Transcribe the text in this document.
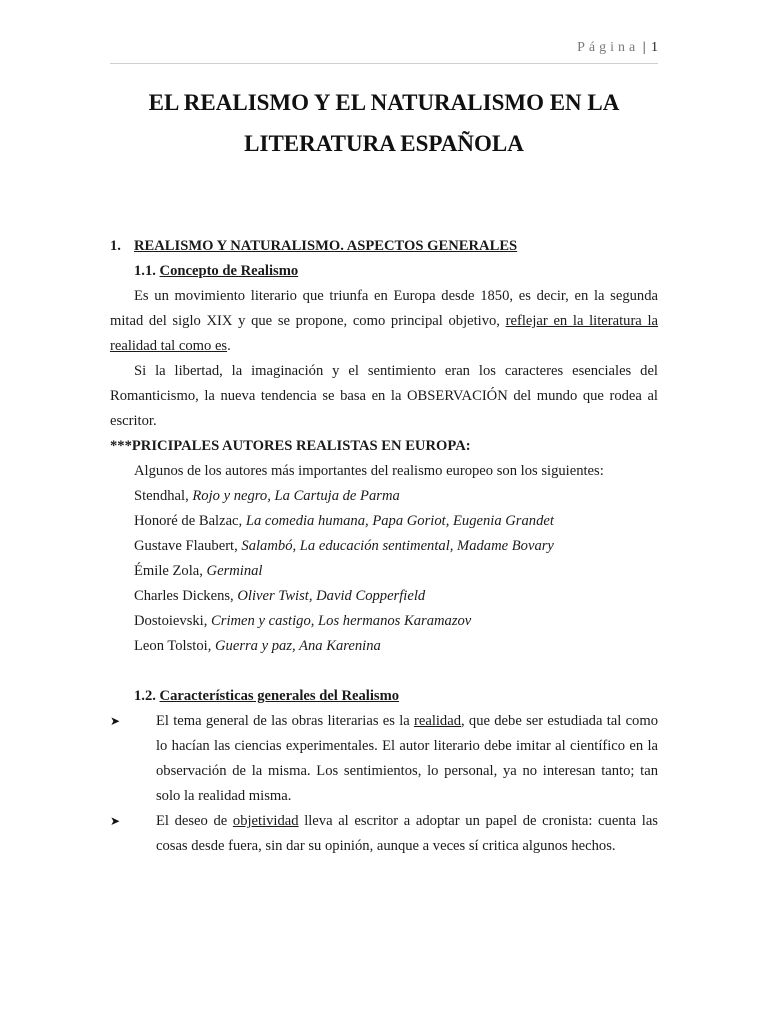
Página | 1
EL REALISMO Y EL NATURALISMO EN LA
LITERATURA ESPAÑOLA
1. REALISMO Y NATURALISMO. ASPECTOS GENERALES
1.1. Concepto de Realismo

Es un movimiento literario que triunfa en Europa desde 1850, es decir, en la segunda mitad del siglo XIX y que se propone, como principal objetivo, reflejar en la literatura la realidad tal como es.

Si la libertad, la imaginación y el sentimiento eran los caracteres esenciales del Romanticismo, la nueva tendencia se basa en la OBSERVACIÓN del mundo que rodea al escritor.

***PRICIPALES AUTORES REALISTAS EN EUROPA:
Algunos de los autores más importantes del realismo europeo son los siguientes:
Stendhal, Rojo y negro, La Cartuja de Parma
Honoré de Balzac, La comedia humana, Papa Goriot, Eugenia Grandet
Gustave Flaubert, Salambó, La educación sentimental, Madame Bovary
Émile Zola, Germinal
Charles Dickens, Oliver Twist, David Copperfield
Dostoievski, Crimen y castigo, Los hermanos Karamazov
Leon Tolstoi, Guerra y paz, Ana Karenina
1.2. Características generales del Realismo
➤ El tema general de las obras literarias es la realidad, que debe ser estudiada tal como lo hacían las ciencias experimentales. El autor literario debe imitar al científico en la observación de la misma. Los sentimientos, lo personal, ya no interesan tanto; tan solo la realidad misma.
➤ El deseo de objetividad lleva al escritor a adoptar un papel de cronista: cuenta las cosas desde fuera, sin dar su opinión, aunque a veces sí critica algunos hechos.
